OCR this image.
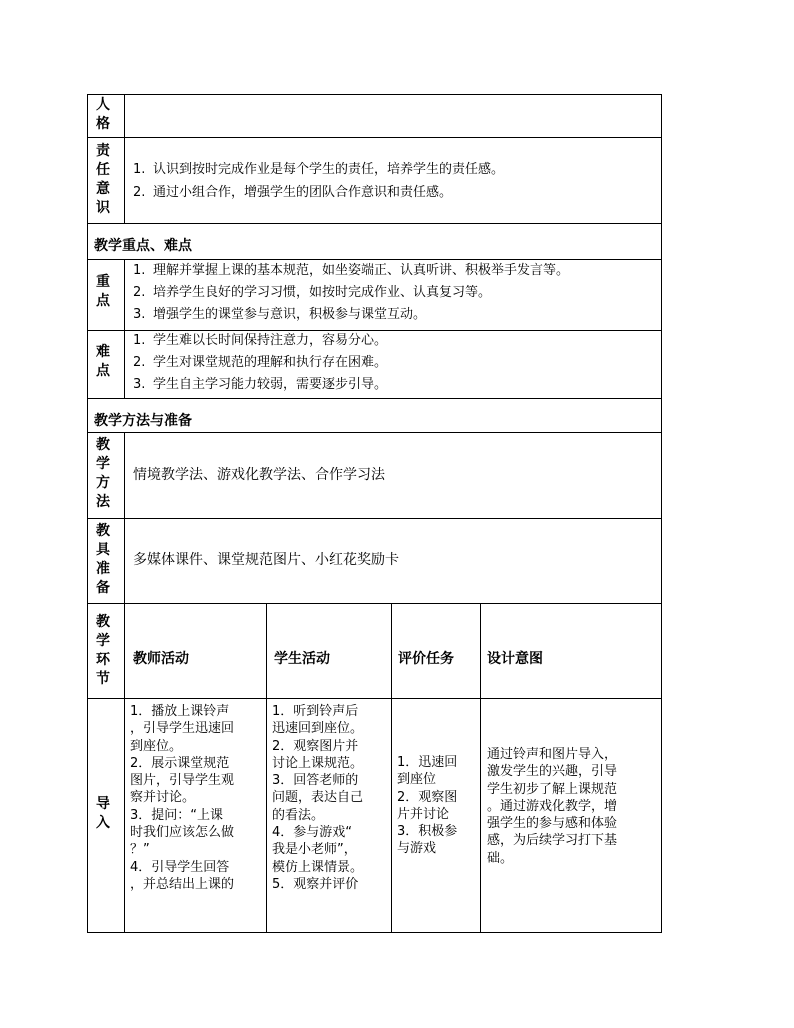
人格
责任意识
1. 认识到按时完成作业是每个学生的责任，培养学生的责任感。
2. 通过小组合作，增强学生的团队合作意识和责任感。
教学重点、难点
重点
1. 理解并掌握上课的基本规范，如坐姿端正、认真听讲、积极举手发言等。
2. 培养学生良好的学习习惯，如按时完成作业、认真复习等。
3. 增强学生的课堂参与意识，积极参与课堂互动。
难点
1. 学生难以长时间保持注意力，容易分心。
2. 学生对课堂规范的理解和执行存在困难。
3. 学生自主学习能力较弱，需要逐步引导。
教学方法与准备
教学方法
情境教学法、游戏化教学法、合作学习法
教具准备
多媒体课件、课堂规范图片、小红花奖励卡
教学环节
教师活动	学生活动	评价任务 设计意图
导入
1．播放上课铃声
，引导学生迅速回
到座位。
2．展示课堂规范
图片，引导学生观
察并讨论。
3．提问：“上课
时我们应该怎么做
？”
4．引导学生回答
，并总结出上课的
1．听到铃声后
迅速回到座位。
2．观察图片并
讨论上课规范。
3．回答老师的
问题，表达自己
的看法。
4．参与游戏“
我是小老师”，
模仿上课情景。
5．观察并评价
1．迅速回
到座位
2．观察图
片并讨论
3．积极参
与游戏
通过铃声和图片导入，
激发学生的兴趣，引导
学生初步了解上课规范
。通过游戏化教学，增
强学生的参与感和体验
感，为后续学习打下基
础。
